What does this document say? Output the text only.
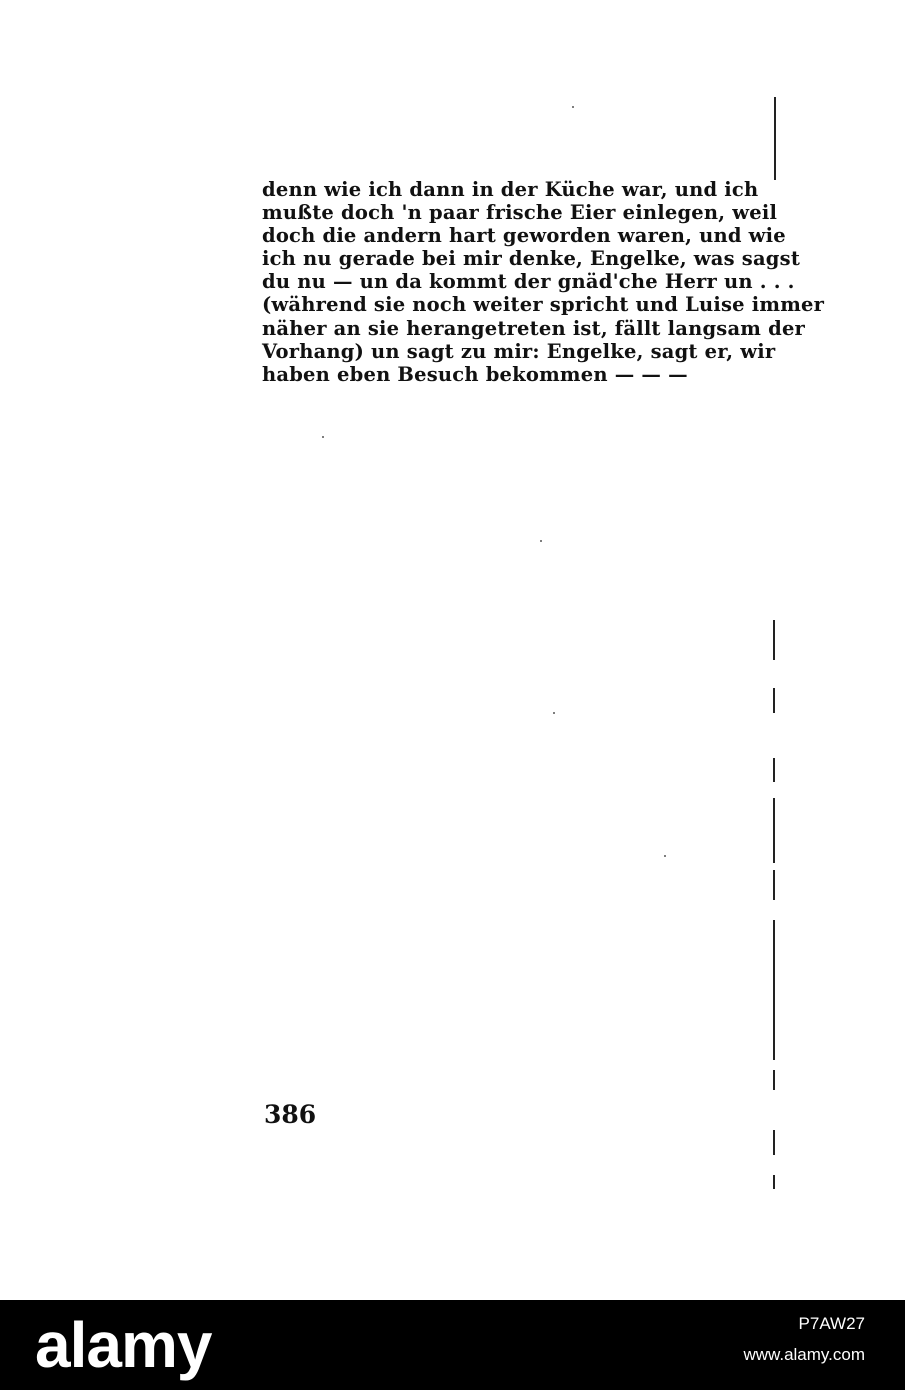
denn wie ich dann in der Küche war, und ich
mußte doch 'n paar frische Eier einlegen, weil
doch die andern hart geworden waren, und wie
ich nu gerade bei mir denke, Engelke, was sagst
du nu — un da kommt der gnäd'che Herr un . . .
(während sie noch weiter spricht und Luise immer
näher an sie herangetreten ist, fällt langsam der
Vorhang) un sagt zu mir: Engelke, sagt er, wir
haben eben Besuch bekommen — — —
386
alamy	P7AW27
www.alamy.com
